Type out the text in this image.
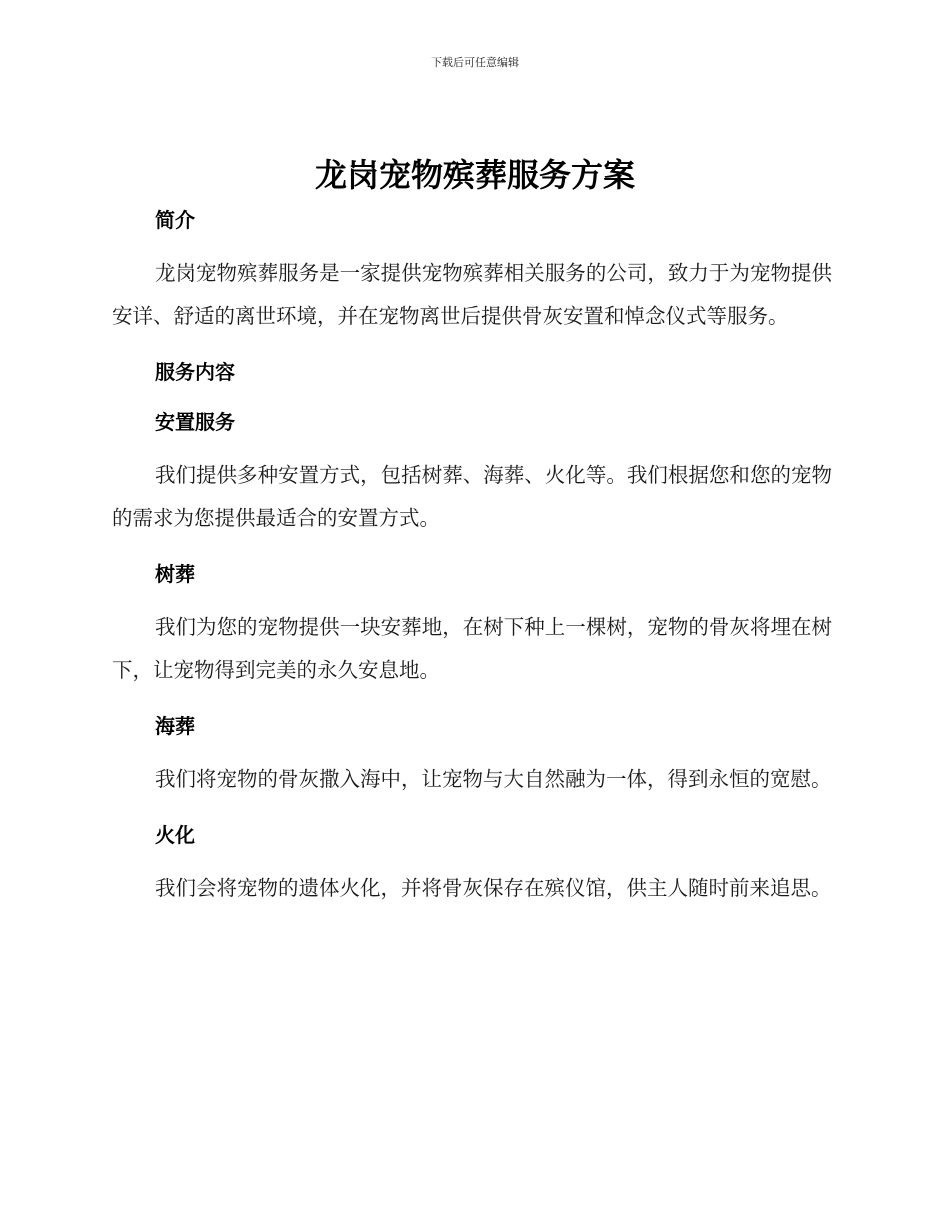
下载后可任意编辑
龙岗宠物殡葬服务方案
简介

龙岗宠物殡葬服务是一家提供宠物殡葬相关服务的公司，致力于为宠物提供安详、舒适的离世环境，并在宠物离世后提供骨灰安置和悼念仪式等服务。

服务内容
安置服务

我们提供多种安置方式，包括树葬、海葬、火化等。我们根据您和您的宠物的需求为您提供最适合的安置方式。

树葬

我们为您的宠物提供一块安葬地，在树下种上一棵树，宠物的骨灰将埋在树下，让宠物得到完美的永久安息地。

海葬

我们将宠物的骨灰撒入海中，让宠物与大自然融为一体，得到永恒的宽慰。

火化

我们会将宠物的遗体火化，并将骨灰保存在殡仪馆，供主人随时前来追思。
